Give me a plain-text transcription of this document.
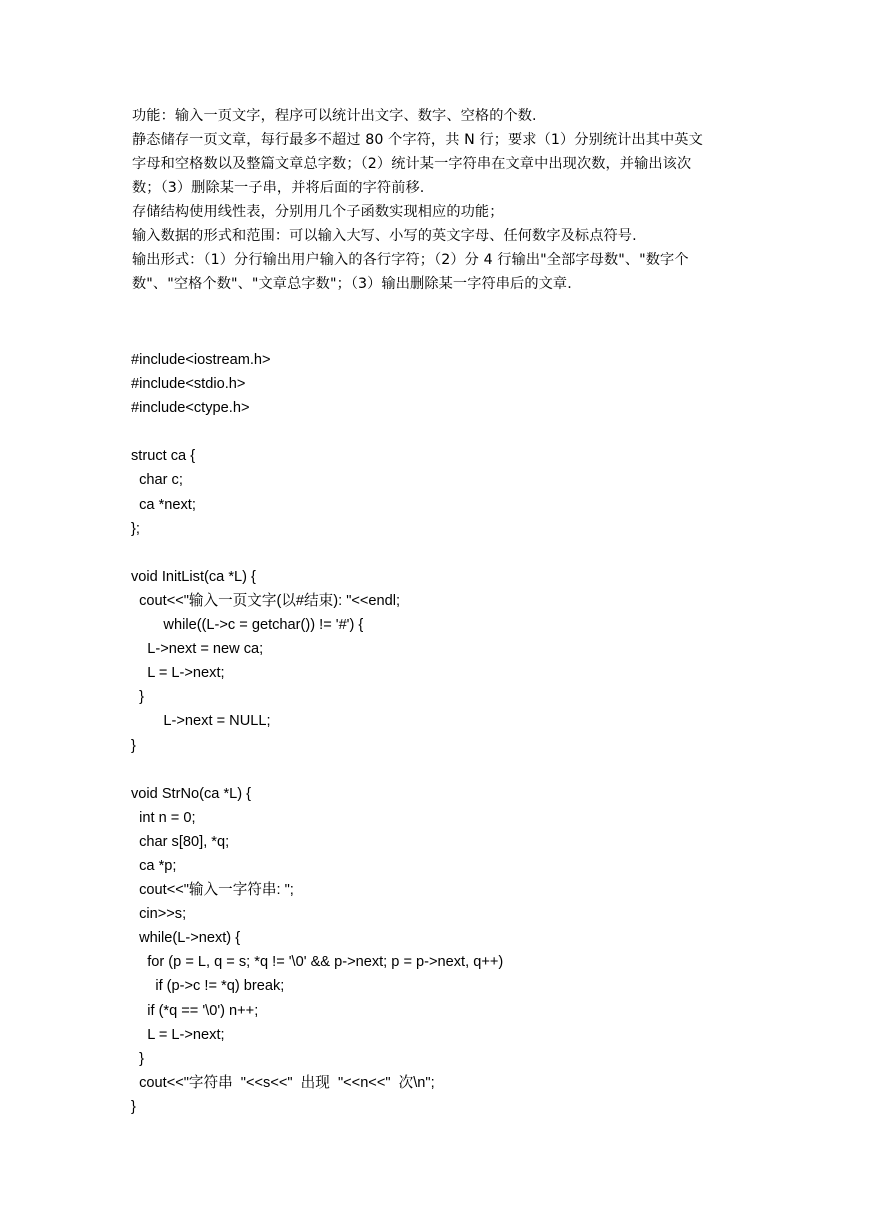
功能：输入一页文字，程序可以统计出文字、数字、空格的个数.
静态储存一页文章，每行最多不超过 80 个字符，共 N 行；要求（1）分别统计出其中英文
字母和空格数以及整篇文章总字数；（2）统计某一字符串在文章中出现次数，并输出该次
数；（3）删除某一子串，并将后面的字符前移.
存储结构使用线性表，分别用几个子函数实现相应的功能；
输入数据的形式和范围：可以输入大写、小写的英文字母、任何数字及标点符号.
输出形式：（1）分行输出用户输入的各行字符；（2）分 4 行输出"全部字母数"、"数字个
数"、"空格个数"、"文章总字数"；（3）输出删除某一字符串后的文章.
#include<iostream.h>
#include<stdio.h>
#include<ctype.h>
struct ca {
char c;
ca *next;
};
void InitList(ca *L) {
cout<<"输入一页文字(以#结束): "<<endl;
while((L->c = getchar()) != '#') {
L->next = new ca;
L = L->next;
}
L->next = NULL;
}
void StrNo(ca *L) {
int n = 0;
char s[80], *q;
ca *p;
cout<<"输入一字符串: ";
cin>>s;
while(L->next) {
for (p = L, q = s; *q != '\0' && p->next; p = p->next, q++)
if (p->c != *q) break;
if (*q == '\0') n++;
L = L->next;
}
cout<<"字符串  "<<s<<"  出现  "<<n<<"  次\n";
}
